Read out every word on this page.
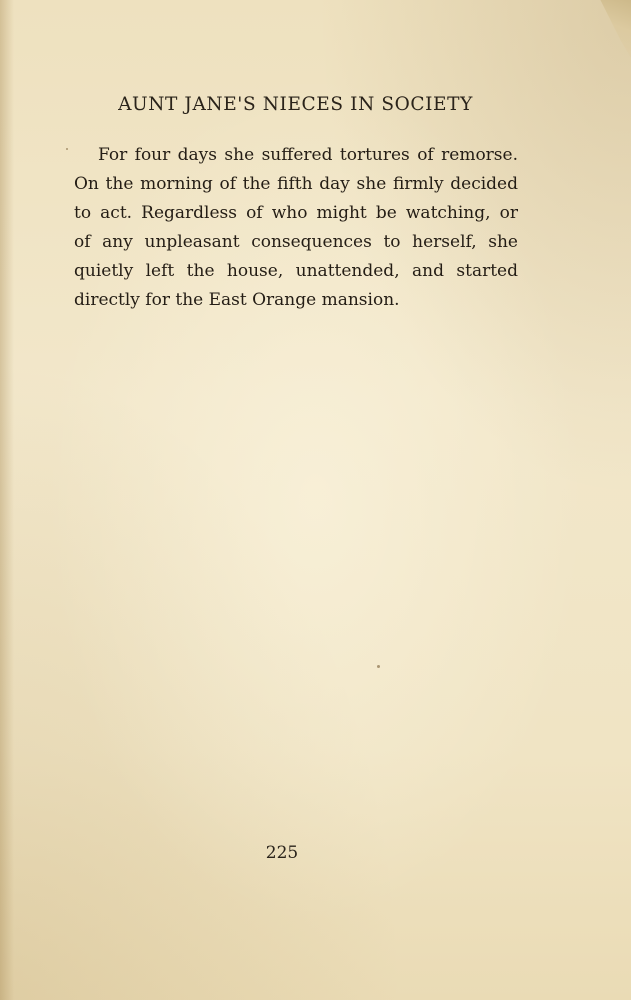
AUNT JANE'S NIECES IN SOCIETY

For four days she suffered tortures of remorse.
On the morning of the fifth day she firmly decided
to act. Regardless of who might be watching, or
of any unpleasant consequences to herself, she
quietly left the house, unattended, and started
directly for the East Orange mansion.

225
